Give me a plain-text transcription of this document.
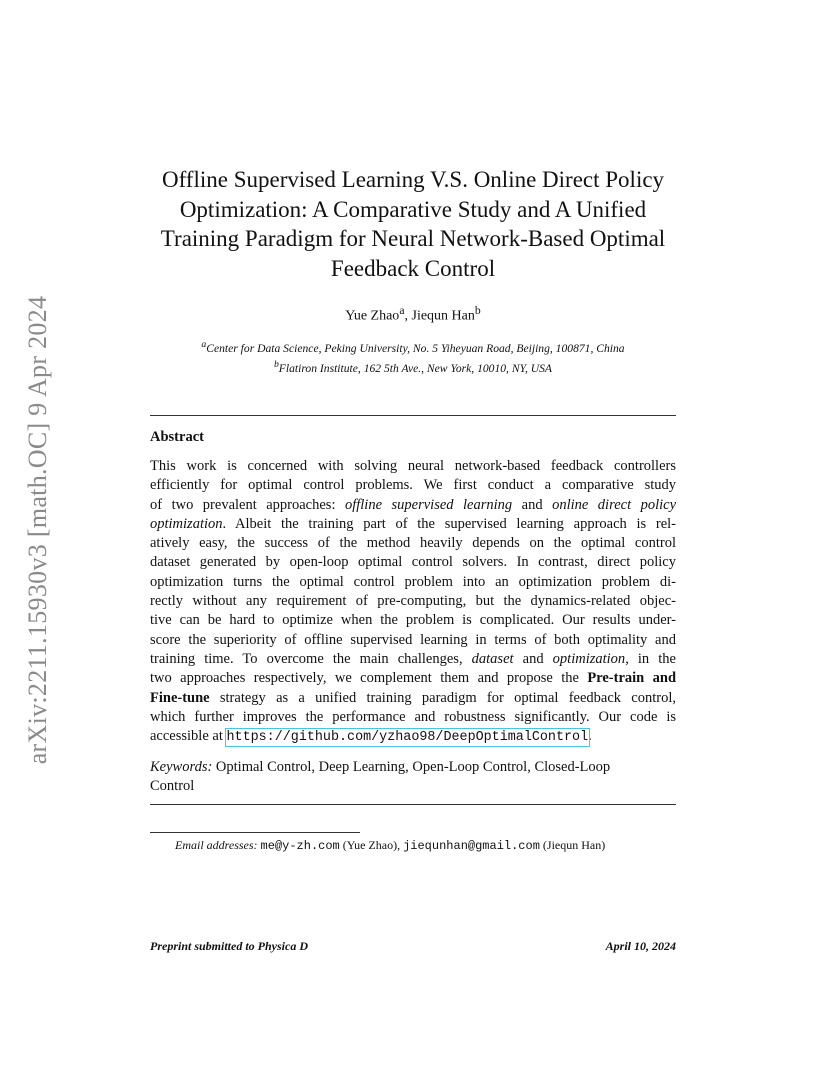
arXiv:2211.15930v3 [math.OC] 9 Apr 2024
Offline Supervised Learning V.S. Online Direct Policy
Optimization: A Comparative Study and A Unified
Training Paradigm for Neural Network-Based Optimal
Feedback Control
Yue Zhao$^a$, Jiequn Han$^b$
$^a$Center for Data Science, Peking University, No. 5 Yiheyuan Road, Beijing, 100871, China
$^b$Flatiron Institute, 162 5th Ave., New York, 10010, NY, USA
Abstract
This work is concerned with solving neural network-based feedback controllers
efficiently for optimal control problems. We first conduct a comparative study
of two prevalent approaches: offline supervised learning and online direct policy
optimization. Albeit the training part of the supervised learning approach is rel-
atively easy, the success of the method heavily depends on the optimal control
dataset generated by open-loop optimal control solvers. In contrast, direct policy
optimization turns the optimal control problem into an optimization problem di-
rectly without any requirement of pre-computing, but the dynamics-related objec-
tive can be hard to optimize when the problem is complicated. Our results under-
score the superiority of offline supervised learning in terms of both optimality and
training time. To overcome the main challenges, dataset and optimization, in the
two approaches respectively, we complement them and propose the Pre-train and
Fine-tune strategy as a unified training paradigm for optimal feedback control,
which further improves the performance and robustness significantly. Our code is
accessible at https://github.com/yzhao98/DeepOptimalControl.
Keywords: Optimal Control, Deep Learning, Open-Loop Control, Closed-Loop
Control
Email addresses: me@y-zh.com (Yue Zhao), jiequnhan@gmail.com (Jiequn Han)
Preprint submitted to Physica D	April 10, 2024
